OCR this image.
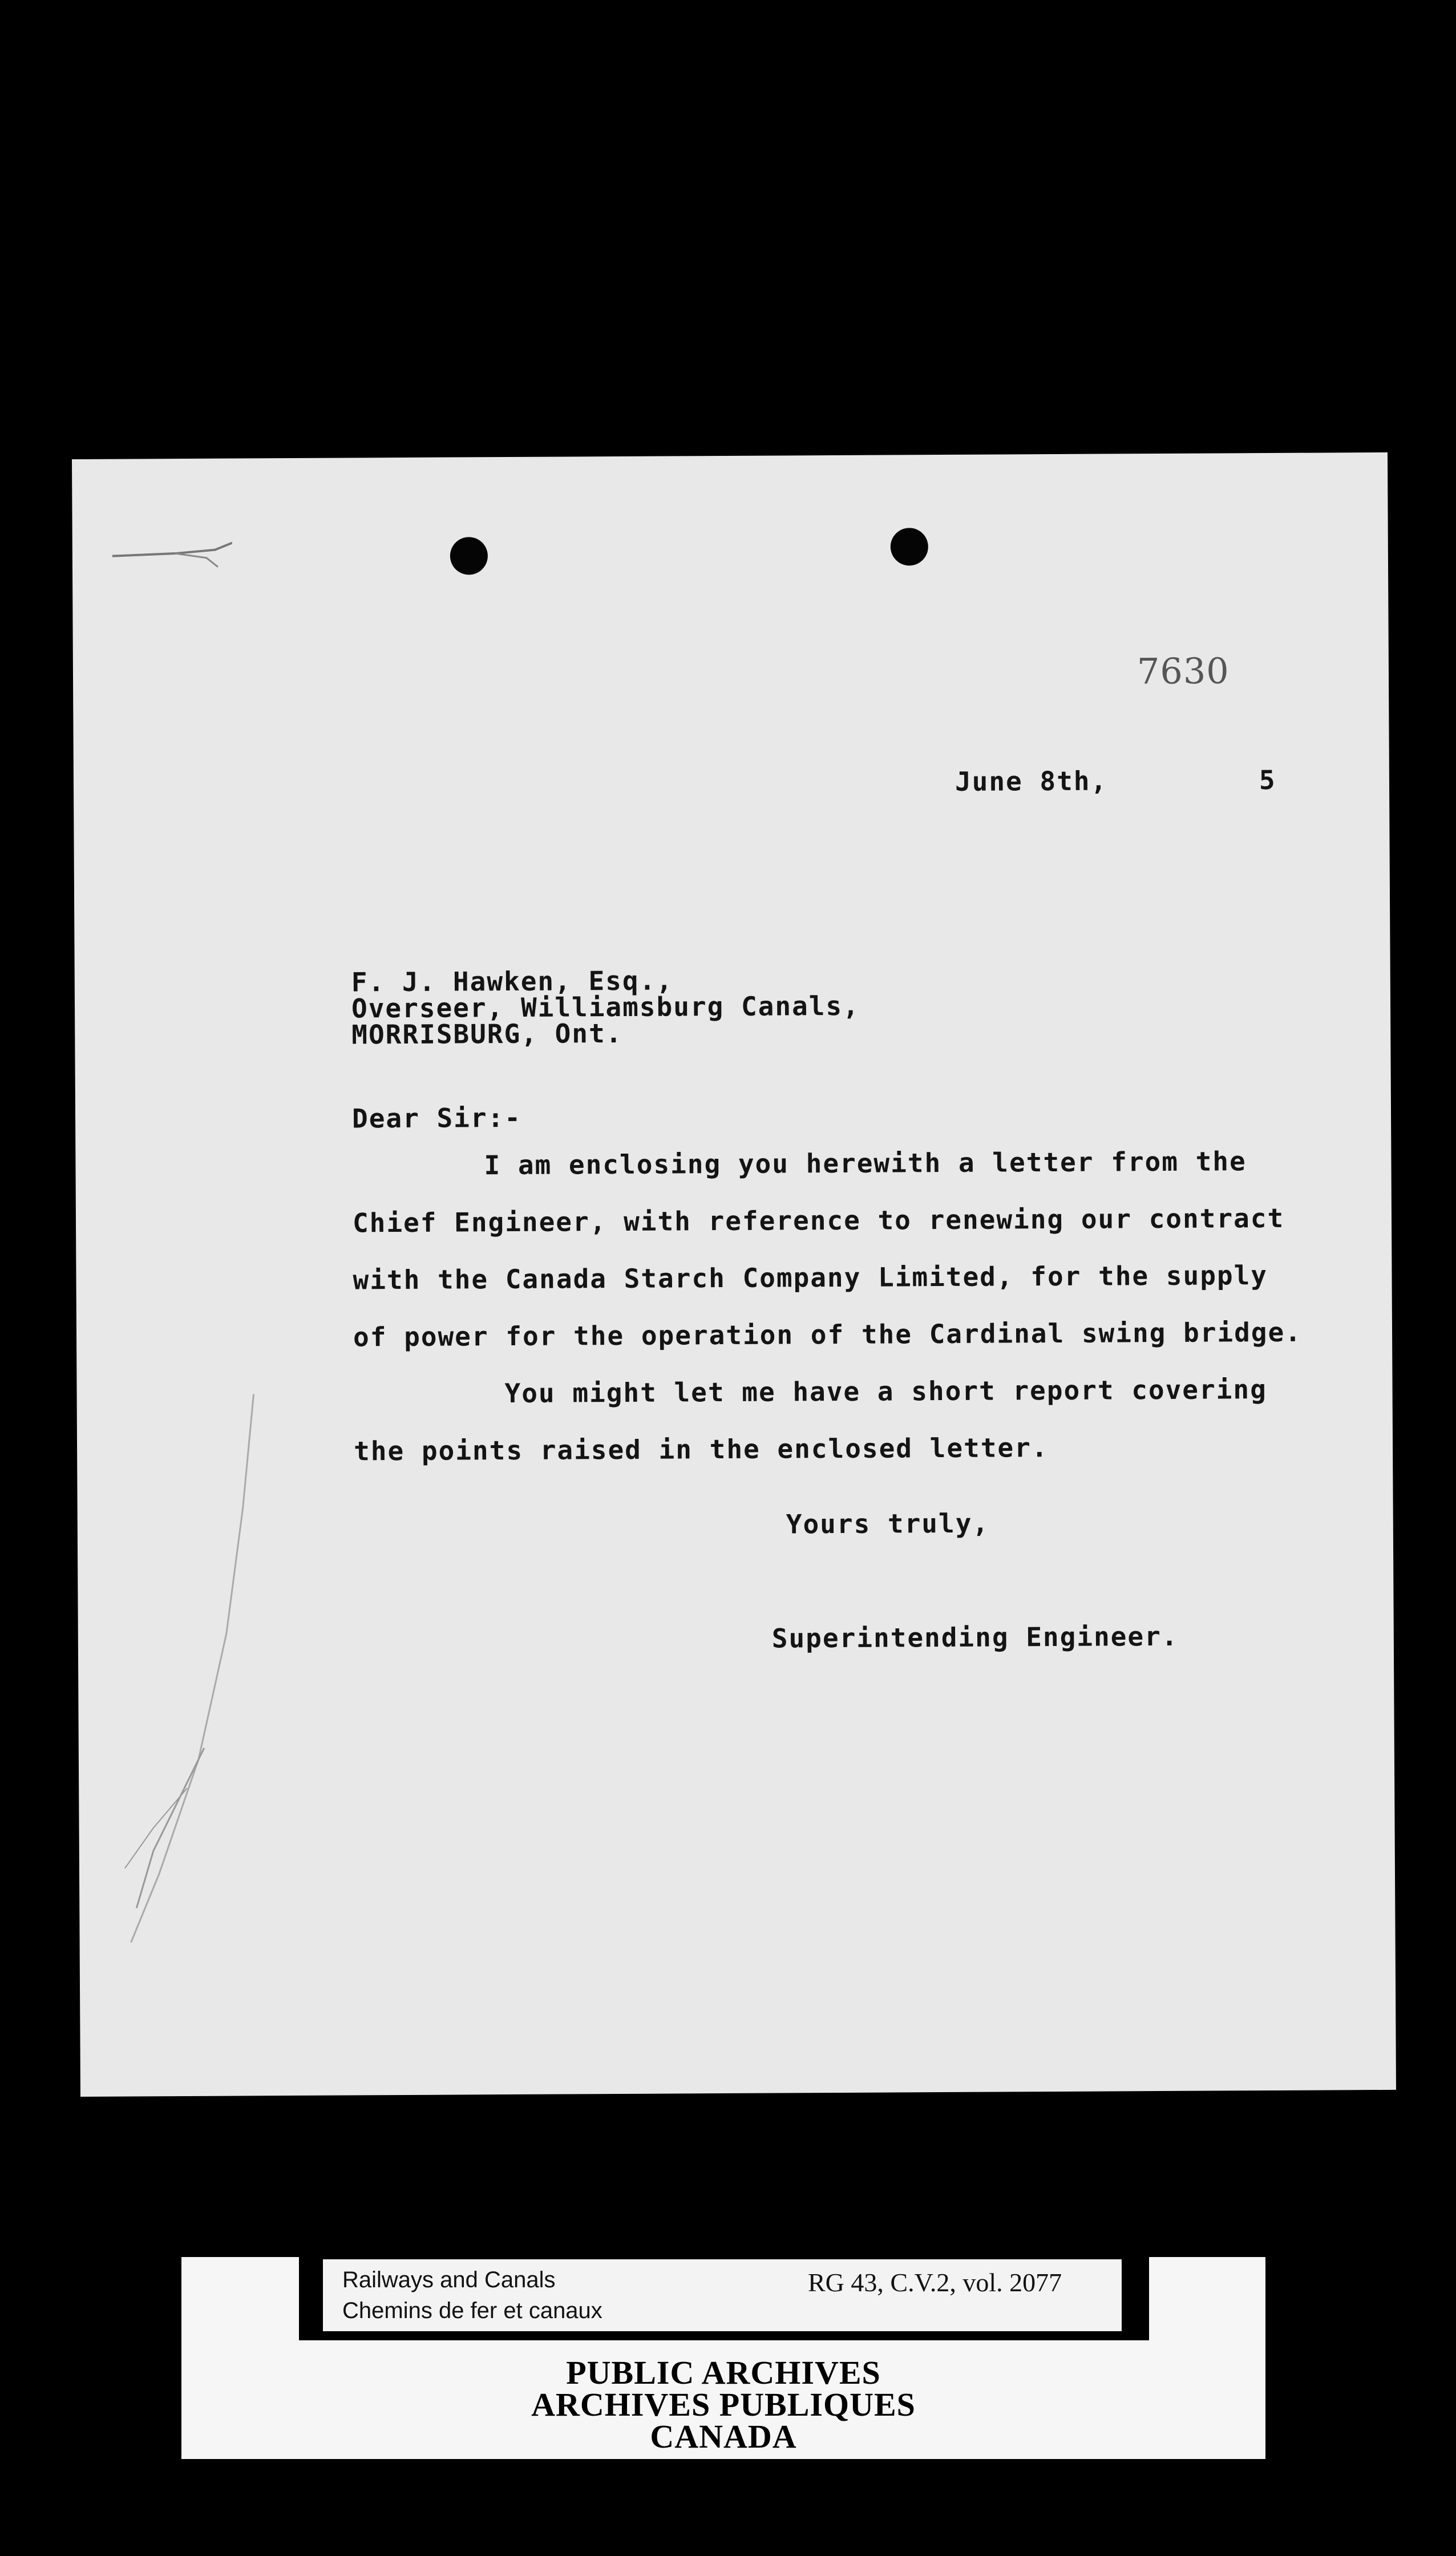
7630
June 8th,	5
F. J. Hawken, Esq.,
Overseer, Williamsburg Canals,
MORRISBURG, Ont.
Dear Sir:-
I am enclosing you herewith a letter from the
Chief Engineer, with reference to renewing our contract
with the Canada Starch Company Limited, for the supply
of power for the operation of the Cardinal swing bridge.
You might let me have a short report covering
the points raised in the enclosed letter.
Yours truly,
Superintending Engineer.
Railways and Canals
Chemins de fer et canaux
RG 43, C.V.2, vol. 2077
PUBLIC ARCHIVES
ARCHIVES PUBLIQUES
CANADA
